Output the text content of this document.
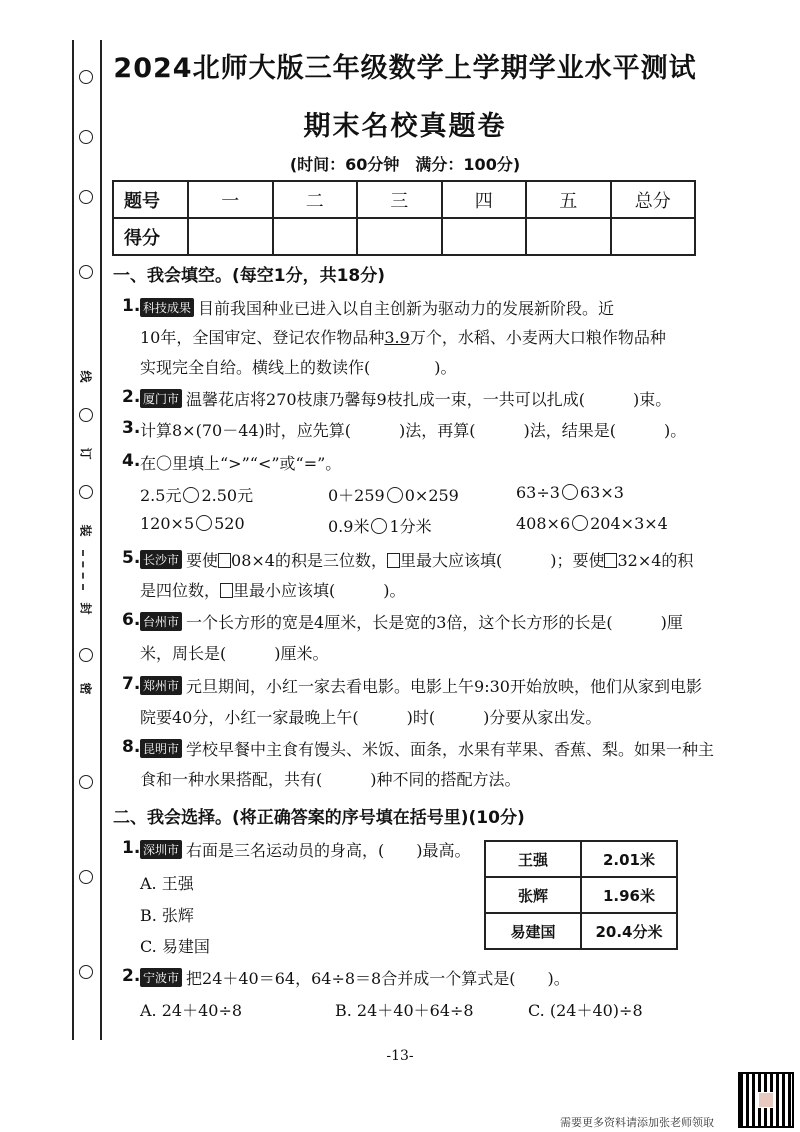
线
订
装
封
密
2024北师大版三年级数学上学期学业水平测试
期末名校真题卷
(时间：60分钟　满分：100分)
题号	一	二	三	四	五	总分
得分						
一、我会填空。(每空1分，共18分)
1. 科技成果 目前我国种业已进入以自主创新为驱动力的发展新阶段。近
10年，全国审定、登记农作物品种3.9万个，水稻、小麦两大口粮作物品种
实现完全自给。横线上的数读作(　　　　)。
2. 厦门市 温馨花店将270枝康乃馨每9枝扎成一束，一共可以扎成(　　　)束。
3. 计算8×(70－44)时，应先算(　　　)法，再算(　　　)法，结果是(　　　)。
4. 在〇里填上“>”“<”或“=”。
2.5元 2.50元	0＋259 0×259	63÷3 63×3
120×5 520	0.9米 1分米	408×6 204×3×4
5. 长沙市 要使 08×4的积是三位数， 里最大应该填(　　　)；要使 32×4的积
是四位数， 里最小应该填(　　　)。
6. 台州市 一个长方形的宽是4厘米，长是宽的3倍，这个长方形的长是(　　　)厘
米，周长是(　　　)厘米。
7. 郑州市 元旦期间，小红一家去看电影。电影上午9:30开始放映，他们从家到电影
院要40分，小红一家最晚上午(　　　)时(　　　)分要从家出发。
8. 昆明市 学校早餐中主食有馒头、米饭、面条，水果有苹果、香蕉、梨。如果一种主
食和一种水果搭配，共有(　　　)种不同的搭配方法。
二、我会选择。(将正确答案的序号填在括号里)(10分)
1. 深圳市 右面是三名运动员的身高，(　　)最高。
A. 王强
B. 张辉
C. 易建国
王强	2.01米
张辉	1.96米
易建国	20.4分米
2. 宁波市 把24＋40＝64，64÷8＝8合并成一个算式是(　　)。
A. 24＋40÷8	B. 24＋40＋64÷8	C. (24＋40)÷8
-13-
需要更多资料请添加张老师领取
